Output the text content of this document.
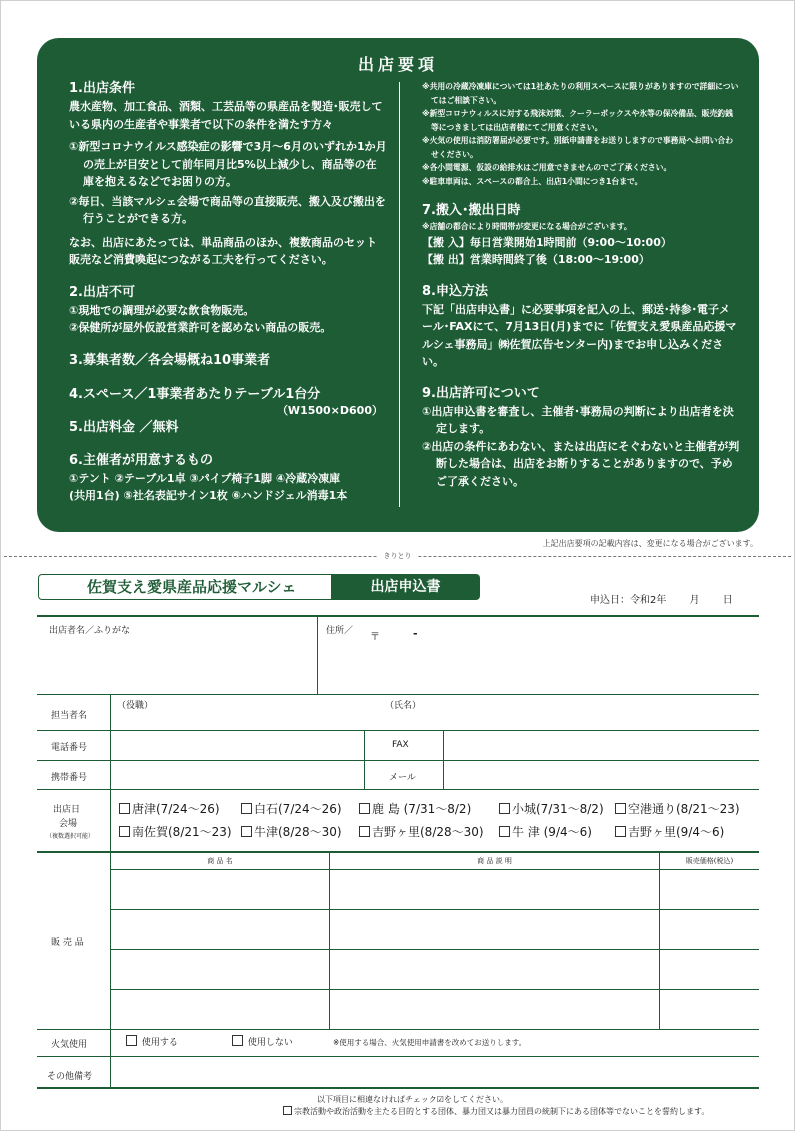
出店要項
1.出店条件
農水産物、加工食品、酒類、工芸品等の県産品を製造･販売している県内の生産者や事業者で以下の条件を満たす方々
①新型コロナウイルス感染症の影響で3月～6月のいずれか1か月の売上が目安として前年同月比5%以上減少し、商品等の在庫を抱えるなどでお困りの方。
②毎日、当該マルシェ会場で商品等の直接販売、搬入及び搬出を行うことができる方。
なお、出店にあたっては、単品商品のほか、複数商品のセット販売など消費喚起につながる工夫を行ってください。
2.出店不可
①現地での調理が必要な飲食物販売。
②保健所が屋外仮設営業許可を認めない商品の販売。
3.募集者数／各会場概ね10事業者
4.スペース／1事業者あたりテーブル1台分
（W1500×D600）
5.出店料金 ／無料
6.主催者が用意するもの
①テント ②テーブル1卓 ③パイプ椅子1脚 ④冷蔵冷凍庫
(共用1台) ⑤社名表記サイン1枚 ⑥ハンドジェル消毒1本
※共用の冷蔵冷凍庫については1社あたりの利用スペースに限りがありますので詳細についてはご相談下さい。
※新型コロナウィルスに対する飛沫対策、クーラーボックスや氷等の保冷備品、販売釣銭等につきましては出店者様にてご用意ください。
※火気の使用は消防署届が必要です。別紙申請書をお送りしますので事務局へお問い合わせください。
※各小間電源、仮設の給排水はご用意できませんのでご了承ください。
※駐車車両は、スペースの都合上、出店1小間につき1台まで。
7.搬入･搬出日時
※店舗の都合により時間帯が変更になる場合がございます。
【搬 入】毎日営業開始1時間前（9:00～10:00）
【搬 出】営業時間終了後（18:00～19:00）
8.申込方法
下記「出店申込書」に必要事項を記入の上、郵送･持参･電子メール･FAXにて、7月13日(月)までに「佐賀支え愛県産品応援マルシェ事務局」㈱佐賀広告センター内)までお申し込みください。
9.出店許可について
①出店申込書を審査し、主催者･事務局の判断により出店者を決定します。
②出店の条件にあわない、または出店にそぐわないと主催者が判断した場合は、出店をお断りすることがありますので、予めご了承ください。
上記出店要項の記載内容は、変更になる場合がございます。
きりとり
佐賀支え愛県産品応援マルシェ	出店申込書
申込日：令和2年　　 月　　 日
出店者名／ふりがな	住所／
〒	-
担当者名
（役職）	（氏名）
電話番号	FAX
携帯番号	メール
出店日
会場
（複数選択可能）
唐津(7/24～26)	白石(7/24～26)	鹿 島 (7/31～8/2)	小城(7/31～8/2)	空港通り(8/21～23)
南佐賀(8/21～23)	牛津(8/28～30)	吉野ヶ里(8/28～30)	牛 津 (9/4～6)	吉野ヶ里(9/4～6)
販 売 品
商 品 名	商 品 説 明	販売価格(税込)
火気使用	使用する	使用しない	※使用する場合、火気使用申請書を改めてお送りします。
その他備考
以下項目に相違なければチェック☑をしてください。
宗教活動や政治活動を主たる目的とする団体、暴力団又は暴力団員の統制下にある団体等でないことを誓約します。
